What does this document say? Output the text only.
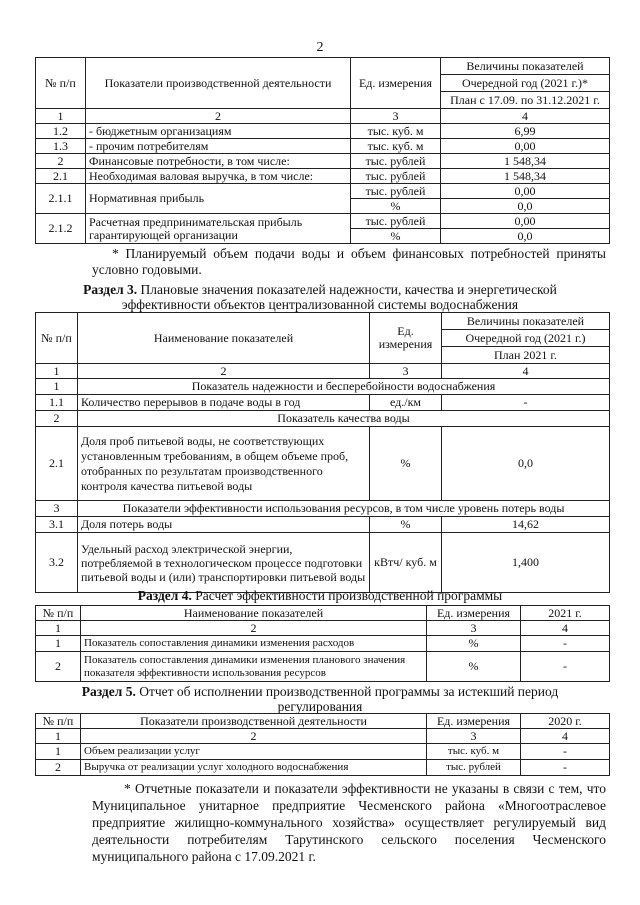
2
№ п/п	Показатели производственной деятельности	Ед. измерения	Величины показателей
			Очередной год (2021 г.)*
			План с 17.09. по 31.12.2021 г.
1	2	3	4
1.2	- бюджетным организациям	тыс. куб. м	6,99
1.3	- прочим потребителям	тыс. куб. м	0,00
2	Финансовые потребности, в том числе:	тыс. рублей	1 548,34
2.1	Необходимая валовая выручка, в том числе:	тыс. рублей	1 548,34
2.1.1	Нормативная прибыль	тыс. рублей	0,00
		%	0,0
2.1.2	Расчетная предпринимательская прибыль гарантирующей организации	тыс. рублей	0,00
		%	0,0
* Планируемый объем подачи воды и объем финансовых потребностей приняты условно годовыми.
Раздел 3. Плановые значения показателей надежности, качества и энергетической эффективности объектов централизованной системы водоснабжения
№ п/п	Наименование показателей	Ед. измерения	Величины показателей
			Очередной год (2021 г.)
			План 2021 г.
1	2	3	4
1	Показатель надежности и бесперебойности водоснабжения		
1.1	Количество перерывов в подаче воды в год	ед./км	-
2	Показатель качества воды		
2.1	Доля проб питьевой воды, не соответствующих установленным требованиям, в общем объеме проб, отобранных по результатам производственного контроля качества питьевой воды	%	0,0
3	Показатели эффективности использования ресурсов, в том числе уровень потерь воды		
3.1	Доля потерь воды	%	14,62
3.2	Удельный расход электрической энергии, потребляемой в технологическом процессе подготовки питьевой воды и (или) транспортировки питьевой воды	кВтч/ куб. м	1,400
Раздел 4. Расчет эффективности производственной программы
№ п/п	Наименование показателей	Ед. измерения	2021 г.
1	2	3	4
1	Показатель сопоставления динамики изменения расходов	%	-
2	Показатель сопоставления динамики изменения планового значения показателя эффективности использования ресурсов	%	-
Раздел 5. Отчет об исполнении производственной программы за истекший период регулирования
№ п/п	Показатели производственной деятельности	Ед. измерения	2020 г.
1	2	3	4
1	Объем реализации услуг	тыс. куб. м	-
2	Выручка от реализации услуг холодного водоснабжения	тыс. рублей	-
* Отчетные показатели и показатели эффективности не указаны в связи с тем, что Муниципальное унитарное предприятие Чесменского района «Многоотраслевое предприятие жилищно-коммунального хозяйства» осуществляет регулируемый вид деятельности потребителям Тарутинского сельского поселения Чесменского муниципального района с 17.09.2021 г.
